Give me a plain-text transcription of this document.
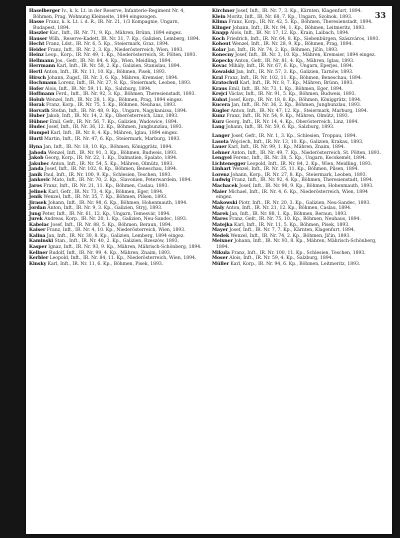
33
Haselberger Iv., k. k. Lt. in der Reserve, Infanterie-Regiment Nr. 4, Böhmen, Prag, Wohnung Kleinseite, 1894 eingezogen.
Hasse Franz, k. k. Lt. i. d. R., IR. Nr. 21, 1/3 Kompagnie, Ungarn, Budapest, 1894.
Haszler Kar., Inft., IR. Nr. 71, 9. Kp., Mähren, Brünn, 1894 eingez.
Hauser Wilh., Reserve-Kadett, IR. Nr. 31, 7. Kp., Galizien, Lemberg, 1894.
Hecht Franz, Ldst., IR. Nr. 6, 5. Kp., Steiermark, Graz, 1894.
Heider Franz, Inft., IR. Nr. 2, 3. Kp., Niederösterreich, Wien, 1893.
Heinz Leop., Korp., IR. Nr. 49, 1. Kp., Niederösterreich, St. Pölten, 1893.
Hellmann Jos., Gefr., IR. Nr. 84, 4. Kp., Wien, Meidling, 1894.
Herrmann Karl, Inft., IR. Nr. 58, 2. Kp., Galizien, Stanislau, 1894.
Hertl Anton, Inft., IR. Nr. 11, 10. Kp., Böhmen, Pisek, 1893.
Hirsch Johann, Zugsf., IR. Nr. 3, 6. Kp., Mähren, Kremsier, 1894.
Hochmann Lorenz, Inft., IR. Nr. 27, 8. Kp., Steiermark, Leoben, 1893.
Hofer Alois, Inft., IR. Nr. 59, 11. Kp., Salzburg, 1894.
Hoffmann Ferd., Inft., IR. Nr. 92, 3. Kp., Böhmen, Theresienstadt, 1893.
Holub Wenzel, Inft., IR. Nr. 28, 1. Kp., Böhmen, Prag, 1894 eingez.
Horak Franz, Korp., IR. Nr. 75, 5. Kp., Böhmen, Neuhaus, 1893.
Horvath Stefan, Inft., IR. Nr. 48, 9. Kp., Ungarn, Nagykanizsa, 1894.
Huber Jakob, Inft., IR. Nr. 14, 2. Kp., Oberösterreich, Linz, 1893.
Hübner Emil, Gefr., IR. Nr. 56, 7. Kp., Galizien, Wadowice, 1894.
Hudec Josef, Inft., IR. Nr. 36, 12. Kp., Böhmen, Jungbunzlau, 1893.
Humpel Karl, Inft., IR. Nr. 8, 4. Kp., Mähren, Iglau, 1894 eingez.
Hurtl Martin, Inft., IR. Nr. 47, 6. Kp., Steiermark, Marburg, 1893.
Hyna Jan, Inft., IR. Nr. 18, 10. Kp., Böhmen, Königgrätz, 1894.
Jahoda Wenzel, Inft., IR. Nr. 91, 3. Kp., Böhmen, Budweis, 1893.
Jakob Georg, Korp., IR. Nr. 22, 1. Kp., Dalmatien, Spalato, 1894.
Jakubec Anton, Inft., IR. Nr. 54, 5. Kp., Mähren, Olmütz, 1893.
Janda Josef, Inft., IR. Nr. 102, 8. Kp., Böhmen, Beneschau, 1894.
Janik Paul, Inft., IR. Nr. 100, 9. Kp., Schlesien, Teschen, 1893.
Jankovic Mato, Inft., IR. Nr. 70, 2. Kp., Slavonien, Peterwardein, 1894.
Jaros Franz, Inft., IR. Nr. 21, 11. Kp., Böhmen, Caslau, 1893.
Jelinek Karl, Gefr., IR. Nr. 73, 4. Kp., Böhmen, Eger, 1894.
Jenik Wenzel, Inft., IR. Nr. 35, 7. Kp., Böhmen, Pilsen, 1893.
Jirasek Johann, Inft., IR. Nr. 98, 6. Kp., Böhmen, Hohenmauth, 1894.
Jordan Anton, Inft., IR. Nr. 9, 3. Kp., Galizien, Stryj, 1893.
Jung Peter, Inft., IR. Nr. 61, 12. Kp., Ungarn, Temesvár, 1894.
Jurek Andreas, Korp., IR. Nr. 20, 1. Kp., Galizien, Neu-Sandec, 1893.
Kabelac Josef, Inft., IR. Nr. 88, 5. Kp., Böhmen, Beraun, 1894.
Kaiser Franz, Inft., IR. Nr. 4, 10. Kp., Niederösterreich, Wien, 1893.
Kalina Jan, Inft., IR. Nr. 30, 8. Kp., Galizien, Lemberg, 1894 eingez.
Kaminski Stan., Inft., IR. Nr. 40, 2. Kp., Galizien, Rzeszów, 1893.
Kasper Ignaz, Inft., IR. Nr. 93, 9. Kp., Mähren, Mährisch-Schönberg, 1894.
Kellner Rudolf, Inft., IR. Nr. 99, 4. Kp., Mähren, Znaim, 1893.
Kerbler Leopold, Inft., IR. Nr. 84, 11. Kp., Niederösterreich, Wien, 1894.
Kinsky Karl, Inft., IR. Nr. 11, 6. Kp., Böhmen, Pisek, 1893.
Kirchner Josef, Inft., IR. Nr. 7, 3. Kp., Kärnten, Klagenfurt, 1894.
Klein Moritz, Inft., IR. Nr. 68, 7. Kp., Ungarn, Szolnok, 1893.
Klima Franz, Korp., IR. Nr. 42, 5. Kp., Böhmen, Theresienstadt, 1894.
Klinger Johann, Inft., IR. Nr. 94, 1. Kp., Böhmen, Leitmeritz, 1893.
Knapp Alois, Inft., IR. Nr. 17, 12. Kp., Krain, Laibach, 1894.
Koch Friedrich, Inft., IR. Nr. 64, 8. Kp., Siebenbürgen, Szászváros, 1893.
Kohout Wenzel, Inft., IR. Nr. 28, 9. Kp., Böhmen, Prag, 1894.
Kolar Jan, Inft., IR. Nr. 74, 2. Kp., Böhmen, Jičín, 1893.
Konecny Josef, Inft., IR. Nr. 3, 10. Kp., Mähren, Kremsier, 1894 eingez.
Kopecky Anton, Gefr., IR. Nr. 81, 4. Kp., Mähren, Iglau, 1893.
Kovac Mihály, Inft., IR. Nr. 67, 6. Kp., Ungarn, Eperjes, 1894.
Kowalski Jan, Inft., IR. Nr. 57, 3. Kp., Galizien, Tarnów, 1893.
Kral Franz, Inft., IR. Nr. 102, 11. Kp., Böhmen, Beneschau, 1894.
Kratochvil Karl, Inft., IR. Nr. 8, 7. Kp., Mähren, Brünn, 1893.
Kraus Emil, Inft., IR. Nr. 73, 1. Kp., Böhmen, Eger, 1894.
Krejci Václav, Inft., IR. Nr. 91, 5. Kp., Böhmen, Budweis, 1893.
Kubat Josef, Korp., IR. Nr. 18, 8. Kp., Böhmen, Königgrätz, 1894.
Kucera Jan, Inft., IR. Nr. 36, 2. Kp., Böhmen, Jungbunzlau, 1893.
Kugler Anton, Inft., IR. Nr. 47, 12. Kp., Steiermark, Marburg, 1894.
Kunz Franz, Inft., IR. Nr. 54, 9. Kp., Mähren, Olmütz, 1893.
Kurz Georg, Inft., IR. Nr. 14, 4. Kp., Oberösterreich, Linz, 1894.
Lang Johann, Inft., IR. Nr. 59, 6. Kp., Salzburg, 1893.
Langer Josef, Gefr., IR. Nr. 1, 3. Kp., Schlesien, Troppau, 1894.
Lasota Wojciech, Inft., IR. Nr. 13, 10. Kp., Galizien, Krakau, 1893.
Lauer Karl, Inft., IR. Nr. 99, 1. Kp., Mähren, Znaim, 1894.
Lehner Anton, Inft., IR. Nr. 49, 7. Kp., Niederösterreich, St. Pölten, 1893.
Lengyel Ferenc, Inft., IR. Nr. 38, 5. Kp., Ungarn, Kecskemét, 1894.
Lichtenegger Leopold, Inft., IR. Nr. 84, 2. Kp., Wien, Meidling, 1893.
Linhart Wenzel, Inft., IR. Nr. 35, 11. Kp., Böhmen, Pilsen, 1894.
Lorenz Johann, Korp., IR. Nr. 27, 8. Kp., Steiermark, Leoben, 1893.
Ludwig Franz, Inft., IR. Nr. 92, 4. Kp., Böhmen, Theresienstadt, 1894.
Machacek Josef, Inft., IR. Nr. 98, 9. Kp., Böhmen, Hohenmauth, 1893.
Maier Michael, Inft., IR. Nr. 4, 6. Kp., Niederösterreich, Wien, 1894 eingez.
Makowski Piotr, Inft., IR. Nr. 20, 3. Kp., Galizien, Neu-Sandec, 1893.
Maly Anton, Inft., IR. Nr. 21, 12. Kp., Böhmen, Caslau, 1894.
Marek Jan, Inft., IR. Nr. 88, 1. Kp., Böhmen, Beraun, 1893.
Mares Franz, Gefr., IR. Nr. 75, 10. Kp., Böhmen, Neuhaus, 1894.
Matejka Karl, Inft., IR. Nr. 11, 5. Kp., Böhmen, Pisek, 1893.
Mayer Josef, Inft., IR. Nr. 7, 7. Kp., Kärnten, Klagenfurt, 1894.
Medek Wenzel, Inft., IR. Nr. 74, 2. Kp., Böhmen, Jičín, 1893.
Meixner Johann, Inft., IR. Nr. 93, 8. Kp., Mähren, Mährisch-Schönberg, 1894.
Mikula Franz, Inft., IR. Nr. 100, 11. Kp., Schlesien, Teschen, 1893.
Moser Alois, Inft., IR. Nr. 59, 4. Kp., Salzburg, 1894.
Müller Karl, Korp., IR. Nr. 94, 6. Kp., Böhmen, Leitmeritz, 1893.
